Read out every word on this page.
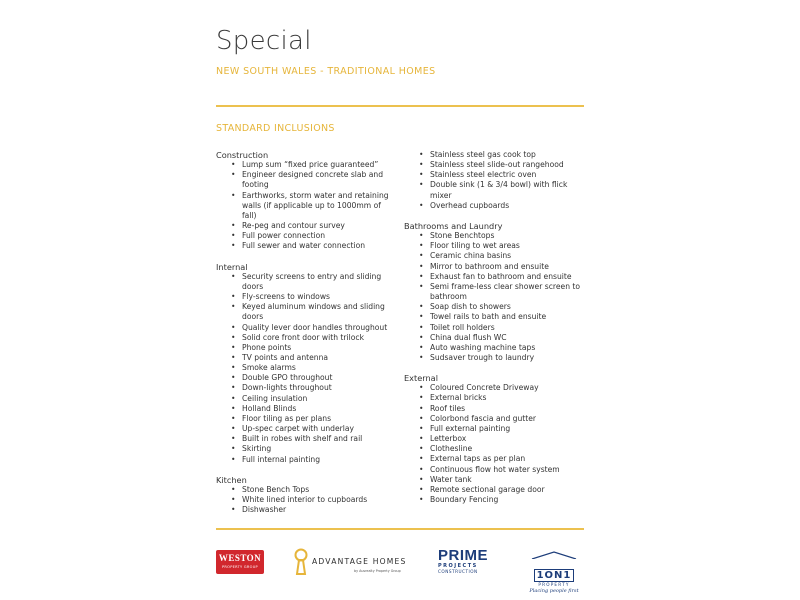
Special
NEW SOUTH WALES - TRADITIONAL HOMES
STANDARD INCLUSIONS
Construction
• Lump sum “fixed price guaranteed”
• Engineer designed concrete slab and footing
• Earthworks, storm water and retaining walls (if applicable up to 1000mm of fall)
• Re-peg and contour survey
• Full power connection
• Full sewer and water connection
Internal
• Security screens to entry and sliding doors
• Fly-screens to windows
• Keyed aluminum windows and sliding doors
• Quality lever door handles throughout
• Solid core front door with trilock
• Phone points
• TV points and antenna
• Smoke alarms
• Double GPO throughout
• Down-lights throughout
• Ceiling insulation
• Holland Blinds
• Floor tiling as per plans
• Up-spec carpet with underlay
• Built in robes with shelf and rail
• Skirting
• Full internal painting
Kitchen
• Stone Bench Tops
• White lined interior to cupboards
• Dishwasher
• Stainless steel gas cook top
• Stainless steel slide-out rangehood
• Stainless steel electric oven
• Double sink (1 & 3/4 bowl) with flick mixer
• Overhead cupboards
Bathrooms and Laundry
• Stone Benchtops
• Floor tiling to wet areas
• Ceramic china basins
• Mirror to bathroom and ensuite
• Exhaust fan to bathroom and ensuite
• Semi frame-less clear shower screen to bathroom
• Soap dish to showers
• Towel rails to bath and ensuite
• Toilet roll holders
• China dual flush WC
• Auto washing machine taps
• Sudsaver trough to laundry
External
• Coloured Concrete Driveway
• External bricks
• Roof tiles
• Colorbond fascia and gutter
• Full external painting
• Letterbox
• Clothesline
• External taps as per plan
• Continuous flow hot water system
• Water tank
• Remote sectional garage door
• Boundary Fencing
WESTON
PROPERTY GROUP
ADVANTAGE HOMES
by Ausrealty Property Group
PRIME
PROJECTS
CONSTRUCTION	1ON1
PROPERTY
Placing people first
